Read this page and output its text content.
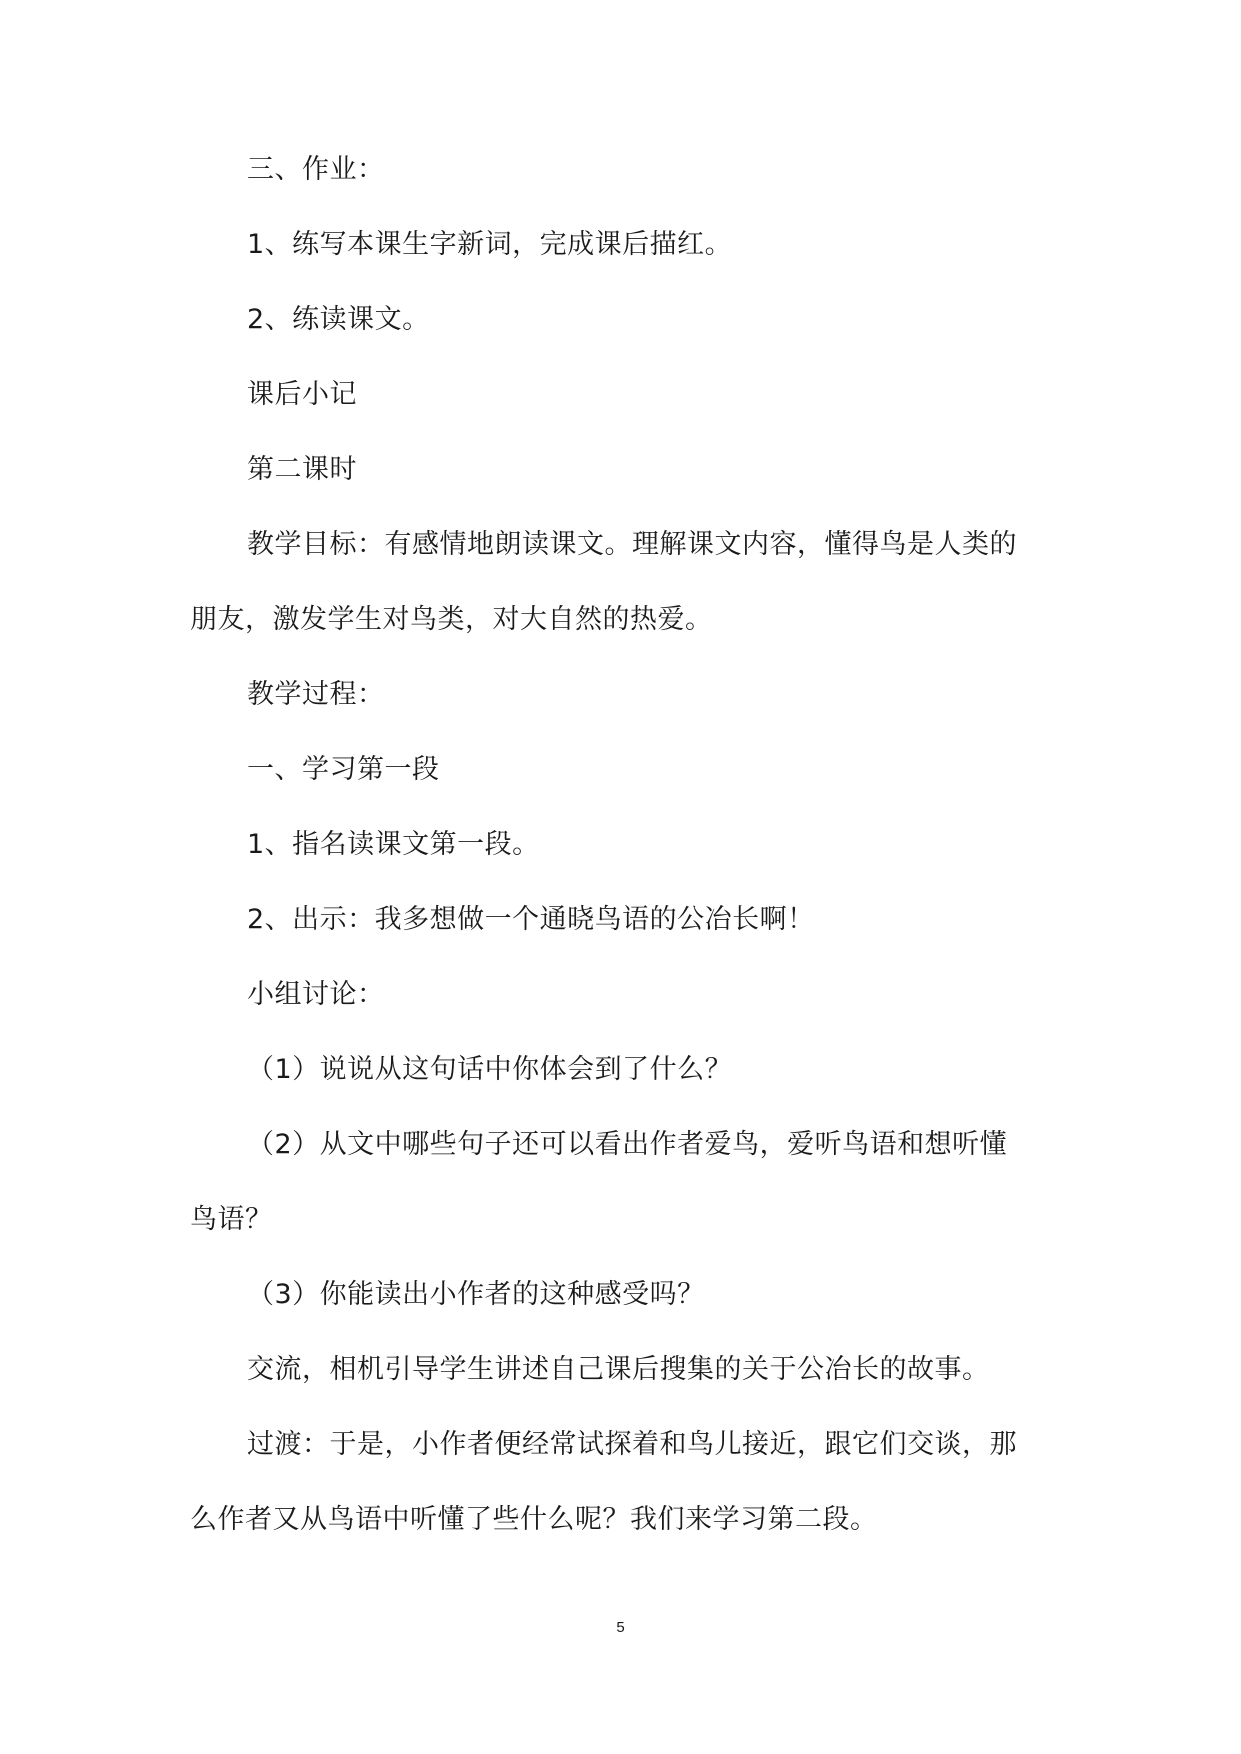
三、作业：
1、练写本课生字新词，完成课后描红。
2、练读课文。
课后小记
第二课时
教学目标：有感情地朗读课文。理解课文内容，懂得鸟是人类的
朋友，激发学生对鸟类，对大自然的热爱。
教学过程：
一、学习第一段
1、指名读课文第一段。
2、出示：我多想做一个通晓鸟语的公冶长啊！
小组讨论：
（1）说说从这句话中你体会到了什么？
（2）从文中哪些句子还可以看出作者爱鸟，爱听鸟语和想听懂
鸟语？
（3）你能读出小作者的这种感受吗？
交流，相机引导学生讲述自己课后搜集的关于公冶长的故事。
过渡：于是，小作者便经常试探着和鸟儿接近，跟它们交谈，那
么作者又从鸟语中听懂了些什么呢？我们来学习第二段。
5
